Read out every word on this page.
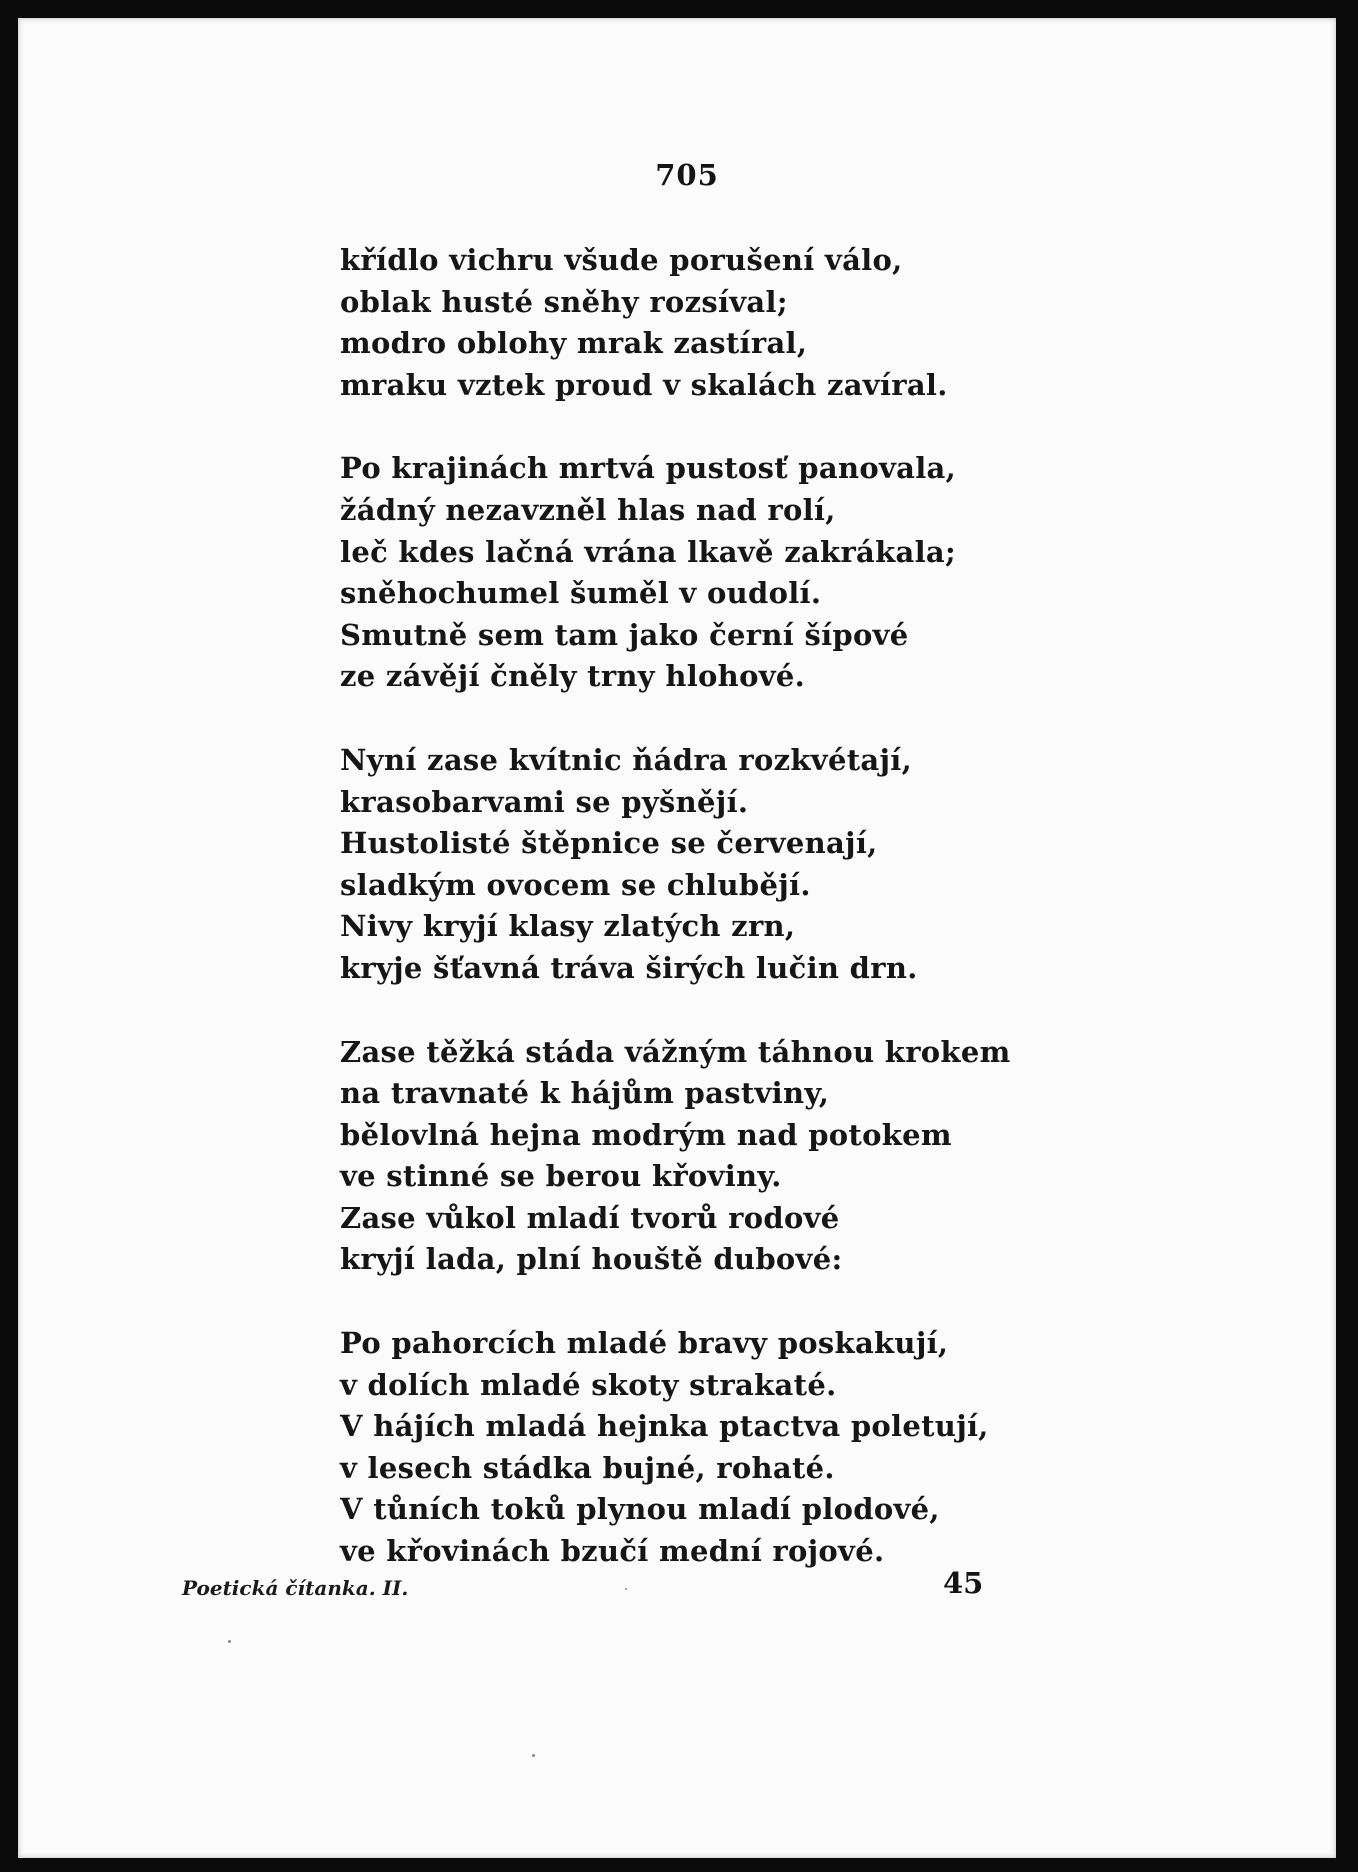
705
křídlo vichru všude porušení válo,
oblak husté sněhy rozsíval;
modro oblohy mrak zastíral,
mraku vztek proud v skalách zavíral.
Po krajinách mrtvá pustosť panovala,
žádný nezavzněl hlas nad rolí,
leč kdes lačná vrána lkavě zakrákala;
sněhochumel šuměl v oudolí.
Smutně sem tam jako černí šípové
ze závějí čněly trny hlohové.
Nyní zase kvítnic ňádra rozkvétají,
krasobarvami se pyšnějí.
Hustolisté štěpnice se červenají,
sladkým ovocem se chlubějí.
Nivy kryjí klasy zlatých zrn,
kryje šťavná tráva širých lučin drn.
Zase těžká stáda vážným táhnou krokem
na travnaté k hájům pastviny,
bělovlná hejna modrým nad potokem
ve stinné se berou křoviny.
Zase vůkol mladí tvorů rodové
kryjí lada, plní houště dubové:
Po pahorcích mladé bravy poskakují,
v dolích mladé skoty strakaté.
V hájích mladá hejnka ptactva poletují,
v lesech stádka bujné, rohaté.
V tůních toků plynou mladí plodové,
ve křovinách bzučí mední rojové.
Poetická čítanka. II.	45
